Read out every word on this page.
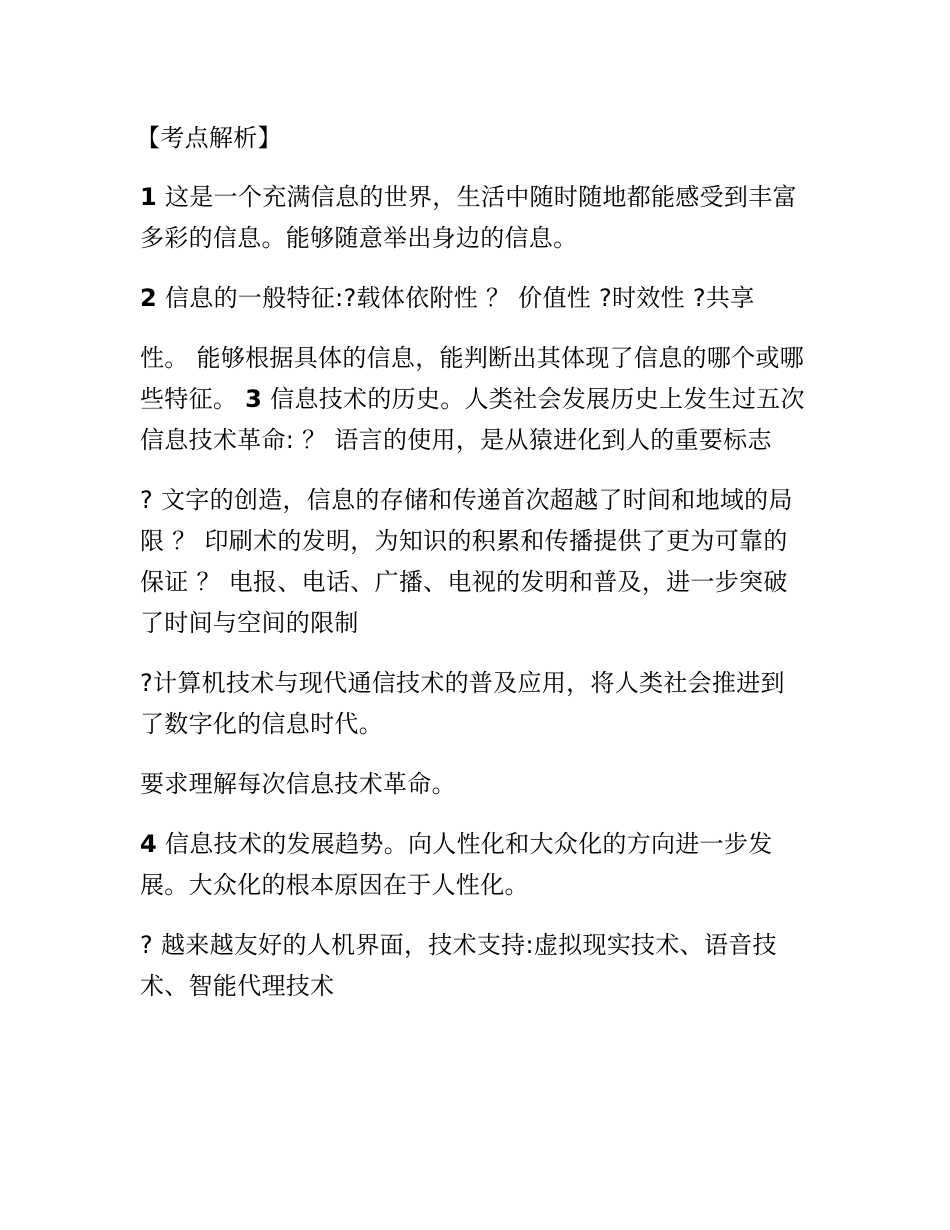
【考点解析】

1 这是一个充满信息的世界，生活中随时随地都能感受到丰富多彩的信息。能够随意举出身边的信息。

2 信息的一般特征:?载体依附性 ？ 价值性 ?时效性 ?共享

性。 能够根据具体的信息，能判断出其体现了信息的哪个或哪些特征。 3 信息技术的历史。人类社会发展历史上发生过五次信息技术革命: ？ 语言的使用，是从猿进化到人的重要标志

? 文字的创造，信息的存储和传递首次超越了时间和地域的局限 ？ 印刷术的发明，为知识的积累和传播提供了更为可靠的保证 ？ 电报、电话、广播、电视的发明和普及，进一步突破了时间与空间的限制

?计算机技术与现代通信技术的普及应用，将人类社会推进到了数字化的信息时代。

要求理解每次信息技术革命。

4 信息技术的发展趋势。向人性化和大众化的方向进一步发展。大众化的根本原因在于人性化。

? 越来越友好的人机界面，技术支持:虚拟现实技术、语音技术、智能代理技术
